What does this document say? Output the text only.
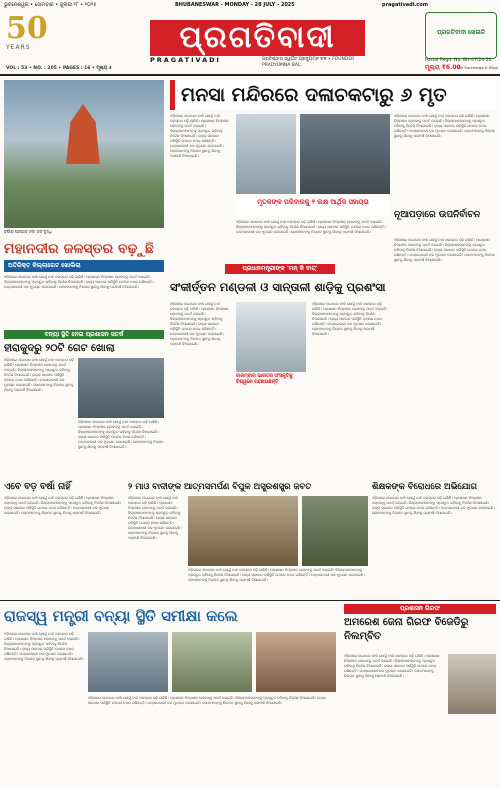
ଭୁବନେଶ୍ୱର • ସୋମବାର • ଜୁଲାଇ ୨୮ • ୨୦୨୫	BHUBANESWAR - MONDAY - 28 JULY - 2025	pragativadi.com
50
YEARS
VOL : 53 • NO. : 205 • PAGES : 16 • ମୂଲ୍ୟ ୫
ପ୍ରଗତିବାଦୀ
PRAGATIVADI	ପ୍ରତିଷ୍ଠାତା ସ୍ୱର୍ଗତ ପ୍ରଦ୍ୟୁମ୍ନ ବଳ • FOUNDER PRADYUMNA BAL
ପ୍ରଗତିବାଦୀ ଖେଳାଳି
Postal Regd. No. BH-47/24-26
ମୂଲ୍ୟ ₹6.00
Air Surcharge 0.50ps
ବର୍ଷାର ପ୍ରଭାବ ନଦୀ ଜଳ ବୃଦ୍ଧି
ମନସା ମନ୍ଦିରରେ ଦଳାଚକଟାରୁ ୬ ମୃତ
ଓଡ଼ିଶାରେ ଲଗାତାର ବର୍ଷା ଯୋଗୁଁ ନଦୀ ଜଳସ୍ତର ବଢ଼ି ଚାଲିଛି। ପ୍ରଶାସନ ନିମ୍ନାଞ୍ଚଳ ଲୋକଙ୍କୁ ସତର୍କ କରାଇଛି। ଜିଲ୍ଲାପାଳମାନଙ୍କୁ ପ୍ରସ୍ତୁତ ରହିବାକୁ ନିର୍ଦ୍ଦେଶ ଦିଆଯାଇଛି। ରାଜ୍ୟ ସରକାର ପରିସ୍ଥିତି ଉପରେ ନଜର ରଖିଛନ୍ତି। ଉଦ୍ଧାରକାରୀ ଦଳ ମୁତୟନ କରାଯାଇଛି। ଲୋକମାନଙ୍କୁ ନିରାପଦ ସ୍ଥାନକୁ ଯିବାକୁ ପରାମର୍ଶ ଦିଆଯାଇଛି।
ମୃତକଙ୍କ ପରିବାରକୁ ୨ ଲକ୍ଷ ଆର୍ଥିକ ସହାୟତା
ଓଡ଼ିଶାରେ ଲଗାତାର ବର୍ଷା ଯୋଗୁଁ ନଦୀ ଜଳସ୍ତର ବଢ଼ି ଚାଲିଛି। ପ୍ରଶାସନ ନିମ୍ନାଞ୍ଚଳ ଲୋକଙ୍କୁ ସତର୍କ କରାଇଛି। ଜିଲ୍ଲାପାଳମାନଙ୍କୁ ପ୍ରସ୍ତୁତ ରହିବାକୁ ନିର୍ଦ୍ଦେଶ ଦିଆଯାଇଛି। ରାଜ୍ୟ ସରକାର ପରିସ୍ଥିତି ଉପରେ ନଜର ରଖିଛନ୍ତି। ଉଦ୍ଧାରକାରୀ ଦଳ ମୁତୟନ କରାଯାଇଛି। ଲୋକମାନଙ୍କୁ ନିରାପଦ ସ୍ଥାନକୁ ଯିବାକୁ ପରାମର୍ଶ ଦିଆଯାଇଛି।
ଓଡ଼ିଶାରେ ଲଗାତାର ବର୍ଷା ଯୋଗୁଁ ନଦୀ ଜଳସ୍ତର ବଢ଼ି ଚାଲିଛି। ପ୍ରଶାସନ ନିମ୍ନାଞ୍ଚଳ ଲୋକଙ୍କୁ ସତର୍କ କରାଇଛି। ଜିଲ୍ଲାପାଳମାନଙ୍କୁ ପ୍ରସ୍ତୁତ ରହିବାକୁ ନିର୍ଦ୍ଦେଶ ଦିଆଯାଇଛି। ରାଜ୍ୟ ସରକାର ପରିସ୍ଥିତି ଉପରେ ନଜର ରଖିଛନ୍ତି। ଉଦ୍ଧାରକାରୀ ଦଳ ମୁତୟନ କରାଯାଇଛି। ଲୋକମାନଙ୍କୁ ନିରାପଦ ସ୍ଥାନକୁ ଯିବାକୁ ପରାମର୍ଶ ଦିଆଯାଇଛି।
ମହାନଦୀର ଜଳସ୍ତର ବଢ଼ୁଛି
ଅତିରିକ୍ତ କିଲ୍ଲାଗେଟ ଖୋଲିଲା
ଓଡ଼ିଶାରେ ଲଗାତାର ବର୍ଷା ଯୋଗୁଁ ନଦୀ ଜଳସ୍ତର ବଢ଼ି ଚାଲିଛି। ପ୍ରଶାସନ ନିମ୍ନାଞ୍ଚଳ ଲୋକଙ୍କୁ ସତର୍କ କରାଇଛି। ଜିଲ୍ଲାପାଳମାନଙ୍କୁ ପ୍ରସ୍ତୁତ ରହିବାକୁ ନିର୍ଦ୍ଦେଶ ଦିଆଯାଇଛି। ରାଜ୍ୟ ସରକାର ପରିସ୍ଥିତି ଉପରେ ନଜର ରଖିଛନ୍ତି। ଉଦ୍ଧାରକାରୀ ଦଳ ମୁତୟନ କରାଯାଇଛି। ଲୋକମାନଙ୍କୁ ନିରାପଦ ସ୍ଥାନକୁ ଯିବାକୁ ପରାମର୍ଶ ଦିଆଯାଇଛି।
ନୂଆପଡ଼ାରେ ଉପନିର୍ବାଚନ
ଓଡ଼ିଶାରେ ଲଗାତାର ବର୍ଷା ଯୋଗୁଁ ନଦୀ ଜଳସ୍ତର ବଢ଼ି ଚାଲିଛି। ପ୍ରଶାସନ ନିମ୍ନାଞ୍ଚଳ ଲୋକଙ୍କୁ ସତର୍କ କରାଇଛି। ଜିଲ୍ଲାପାଳମାନଙ୍କୁ ପ୍ରସ୍ତୁତ ରହିବାକୁ ନିର୍ଦ୍ଦେଶ ଦିଆଯାଇଛି। ରାଜ୍ୟ ସରକାର ପରିସ୍ଥିତି ଉପରେ ନଜର ରଖିଛନ୍ତି। ଉଦ୍ଧାରକାରୀ ଦଳ ମୁତୟନ କରାଯାଇଛି। ଲୋକମାନଙ୍କୁ ନିରାପଦ ସ୍ଥାନକୁ ଯିବାକୁ ପରାମର୍ଶ ଦିଆଯାଇଛି।
ପ୍ରଧାନମନ୍ତ୍ରୀଙ୍କ 'ମନ୍ କି ବାତ୍'
ସଂକୀର୍ତ୍ତନ ମଣ୍ଡଳୀ ଓ ସାନ୍ତାଳୀ ଶାଡ଼ିକୁ ପ୍ରଶଂସା
ଓଡ଼ିଶାରେ ଲଗାତାର ବର୍ଷା ଯୋଗୁଁ ନଦୀ ଜଳସ୍ତର ବଢ଼ି ଚାଲିଛି। ପ୍ରଶାସନ ନିମ୍ନାଞ୍ଚଳ ଲୋକଙ୍କୁ ସତର୍କ କରାଇଛି। ଜିଲ୍ଲାପାଳମାନଙ୍କୁ ପ୍ରସ୍ତୁତ ରହିବାକୁ ନିର୍ଦ୍ଦେଶ ଦିଆଯାଇଛି। ରାଜ୍ୟ ସରକାର ପରିସ୍ଥିତି ଉପରେ ନଜର ରଖିଛନ୍ତି। ଉଦ୍ଧାରକାରୀ ଦଳ ମୁତୟନ କରାଯାଇଛି। ଲୋକମାନଙ୍କୁ ନିରାପଦ ସ୍ଥାନକୁ ଯିବାକୁ ପରାମର୍ଶ ଦିଆଯାଇଛି।
ବାରମ୍ବାର ଭାରତର ସଂସ୍କୃତିକୁ ବିଶ୍ୱରେ ପହଞ୍ଚାଉଛନ୍ତି
ଓଡ଼ିଶାରେ ଲଗାତାର ବର୍ଷା ଯୋଗୁଁ ନଦୀ ଜଳସ୍ତର ବଢ଼ି ଚାଲିଛି। ପ୍ରଶାସନ ନିମ୍ନାଞ୍ଚଳ ଲୋକଙ୍କୁ ସତର୍କ କରାଇଛି। ଜିଲ୍ଲାପାଳମାନଙ୍କୁ ପ୍ରସ୍ତୁତ ରହିବାକୁ ନିର୍ଦ୍ଦେଶ ଦିଆଯାଇଛି। ରାଜ୍ୟ ସରକାର ପରିସ୍ଥିତି ଉପରେ ନଜର ରଖିଛନ୍ତି। ଉଦ୍ଧାରକାରୀ ଦଳ ମୁତୟନ କରାଯାଇଛି। ଲୋକମାନଙ୍କୁ ନିରାପଦ ସ୍ଥାନକୁ ଯିବାକୁ ପରାମର୍ଶ ଦିଆଯାଇଛି।
ବନ୍ୟା ସ୍ଥିତି ନେଇ ପ୍ରଶାସନ ସତର୍କ
ହୀରାକୁଦରୁ ୨୦ଟି ଗେଟ ଖୋଲା
ଓଡ଼ିଶାରେ ଲଗାତାର ବର୍ଷା ଯୋଗୁଁ ନଦୀ ଜଳସ୍ତର ବଢ଼ି ଚାଲିଛି। ପ୍ରଶାସନ ନିମ୍ନାଞ୍ଚଳ ଲୋକଙ୍କୁ ସତର୍କ କରାଇଛି। ଜିଲ୍ଲାପାଳମାନଙ୍କୁ ପ୍ରସ୍ତୁତ ରହିବାକୁ ନିର୍ଦ୍ଦେଶ ଦିଆଯାଇଛି। ରାଜ୍ୟ ସରକାର ପରିସ୍ଥିତି ଉପରେ ନଜର ରଖିଛନ୍ତି। ଉଦ୍ଧାରକାରୀ ଦଳ ମୁତୟନ କରାଯାଇଛି। ଲୋକମାନଙ୍କୁ ନିରାପଦ ସ୍ଥାନକୁ ଯିବାକୁ ପରାମର୍ଶ ଦିଆଯାଇଛି।
ଓଡ଼ିଶାରେ ଲଗାତାର ବର୍ଷା ଯୋଗୁଁ ନଦୀ ଜଳସ୍ତର ବଢ଼ି ଚାଲିଛି। ପ୍ରଶାସନ ନିମ୍ନାଞ୍ଚଳ ଲୋକଙ୍କୁ ସତର୍କ କରାଇଛି। ଜିଲ୍ଲାପାଳମାନଙ୍କୁ ପ୍ରସ୍ତୁତ ରହିବାକୁ ନିର୍ଦ୍ଦେଶ ଦିଆଯାଇଛି। ରାଜ୍ୟ ସରକାର ପରିସ୍ଥିତି ଉପରେ ନଜର ରଖିଛନ୍ତି। ଉଦ୍ଧାରକାରୀ ଦଳ ମୁତୟନ କରାଯାଇଛି। ଲୋକମାନଙ୍କୁ ନିରାପଦ ସ୍ଥାନକୁ ଯିବାକୁ ପରାମର୍ଶ ଦିଆଯାଇଛି।
ଏବେ ବଡ଼ ବର୍ଷା ନାହିଁ
ଓଡ଼ିଶାରେ ଲଗାତାର ବର୍ଷା ଯୋଗୁଁ ନଦୀ ଜଳସ୍ତର ବଢ଼ି ଚାଲିଛି। ପ୍ରଶାସନ ନିମ୍ନାଞ୍ଚଳ ଲୋକଙ୍କୁ ସତର୍କ କରାଇଛି। ଜିଲ୍ଲାପାଳମାନଙ୍କୁ ପ୍ରସ୍ତୁତ ରହିବାକୁ ନିର୍ଦ୍ଦେଶ ଦିଆଯାଇଛି। ରାଜ୍ୟ ସରକାର ପରିସ୍ଥିତି ଉପରେ ନଜର ରଖିଛନ୍ତି। ଉଦ୍ଧାରକାରୀ ଦଳ ମୁତୟନ କରାଯାଇଛି। ଲୋକମାନଙ୍କୁ ନିରାପଦ ସ୍ଥାନକୁ ଯିବାକୁ ପରାମର୍ଶ ଦିଆଯାଇଛି।
୨ ମାଓ ବାଦୀଙ୍କ ଆତ୍ମସମର୍ପଣ ବିପୁଳ ଅସ୍ତ୍ରଶସ୍ତ୍ର ଜବତ
ଓଡ଼ିଶାରେ ଲଗାତାର ବର୍ଷା ଯୋଗୁଁ ନଦୀ ଜଳସ୍ତର ବଢ଼ି ଚାଲିଛି। ପ୍ରଶାସନ ନିମ୍ନାଞ୍ଚଳ ଲୋକଙ୍କୁ ସତର୍କ କରାଇଛି। ଜିଲ୍ଲାପାଳମାନଙ୍କୁ ପ୍ରସ୍ତୁତ ରହିବାକୁ ନିର୍ଦ୍ଦେଶ ଦିଆଯାଇଛି। ରାଜ୍ୟ ସରକାର ପରିସ୍ଥିତି ଉପରେ ନଜର ରଖିଛନ୍ତି। ଉଦ୍ଧାରକାରୀ ଦଳ ମୁତୟନ କରାଯାଇଛି। ଲୋକମାନଙ୍କୁ ନିରାପଦ ସ୍ଥାନକୁ ଯିବାକୁ ପରାମର୍ଶ ଦିଆଯାଇଛି।
ଓଡ଼ିଶାରେ ଲଗାତାର ବର୍ଷା ଯୋଗୁଁ ନଦୀ ଜଳସ୍ତର ବଢ଼ି ଚାଲିଛି। ପ୍ରଶାସନ ନିମ୍ନାଞ୍ଚଳ ଲୋକଙ୍କୁ ସତର୍କ କରାଇଛି। ଜିଲ୍ଲାପାଳମାନଙ୍କୁ ପ୍ରସ୍ତୁତ ରହିବାକୁ ନିର୍ଦ୍ଦେଶ ଦିଆଯାଇଛି। ରାଜ୍ୟ ସରକାର ପରିସ୍ଥିତି ଉପରେ ନଜର ରଖିଛନ୍ତି। ଉଦ୍ଧାରକାରୀ ଦଳ ମୁତୟନ କରାଯାଇଛି। ଲୋକମାନଙ୍କୁ ନିରାପଦ ସ୍ଥାନକୁ ଯିବାକୁ ପରାମର୍ଶ ଦିଆଯାଇଛି।
ଶିକ୍ଷକଙ୍କ ବିରୋଧରେ ଅଭିଯୋଗ
ଓଡ଼ିଶାରେ ଲଗାତାର ବର୍ଷା ଯୋଗୁଁ ନଦୀ ଜଳସ୍ତର ବଢ଼ି ଚାଲିଛି। ପ୍ରଶାସନ ନିମ୍ନାଞ୍ଚଳ ଲୋକଙ୍କୁ ସତର୍କ କରାଇଛି। ଜିଲ୍ଲାପାଳମାନଙ୍କୁ ପ୍ରସ୍ତୁତ ରହିବାକୁ ନିର୍ଦ୍ଦେଶ ଦିଆଯାଇଛି। ରାଜ୍ୟ ସରକାର ପରିସ୍ଥିତି ଉପରେ ନଜର ରଖିଛନ୍ତି। ଉଦ୍ଧାରକାରୀ ଦଳ ମୁତୟନ କରାଯାଇଛି। ଲୋକମାନଙ୍କୁ ନିରାପଦ ସ୍ଥାନକୁ ଯିବାକୁ ପରାମର୍ଶ ଦିଆଯାଇଛି।
ରାଜସ୍ୱ ମନ୍ତ୍ରୀ ବନ୍ୟା ସ୍ଥିତି ସମୀକ୍ଷା କଲେ
ଓଡ଼ିଶାରେ ଲଗାତାର ବର୍ଷା ଯୋଗୁଁ ନଦୀ ଜଳସ୍ତର ବଢ଼ି ଚାଲିଛି। ପ୍ରଶାସନ ନିମ୍ନାଞ୍ଚଳ ଲୋକଙ୍କୁ ସତର୍କ କରାଇଛି। ଜିଲ୍ଲାପାଳମାନଙ୍କୁ ପ୍ରସ୍ତୁତ ରହିବାକୁ ନିର୍ଦ୍ଦେଶ ଦିଆଯାଇଛି। ରାଜ୍ୟ ସରକାର ପରିସ୍ଥିତି ଉପରେ ନଜର ରଖିଛନ୍ତି। ଉଦ୍ଧାରକାରୀ ଦଳ ମୁତୟନ କରାଯାଇଛି। ଲୋକମାନଙ୍କୁ ନିରାପଦ ସ୍ଥାନକୁ ଯିବାକୁ ପରାମର୍ଶ ଦିଆଯାଇଛି।
ଓଡ଼ିଶାରେ ଲଗାତାର ବର୍ଷା ଯୋଗୁଁ ନଦୀ ଜଳସ୍ତର ବଢ଼ି ଚାଲିଛି। ପ୍ରଶାସନ ନିମ୍ନାଞ୍ଚଳ ଲୋକଙ୍କୁ ସତର୍କ କରାଇଛି। ଜିଲ୍ଲାପାଳମାନଙ୍କୁ ପ୍ରସ୍ତୁତ ରହିବାକୁ ନିର୍ଦ୍ଦେଶ ଦିଆଯାଇଛି। ରାଜ୍ୟ ସରକାର ପରିସ୍ଥିତି ଉପରେ ନଜର ରଖିଛନ୍ତି। ଉଦ୍ଧାରକାରୀ ଦଳ ମୁତୟନ କରାଯାଇଛି। ଲୋକମାନଙ୍କୁ ନିରାପଦ ସ୍ଥାନକୁ ଯିବାକୁ ପରାମର୍ଶ ଦିଆଯାଇଛି।
ପ୍ରଶାସନ ଗିରଫ
ଅମରେଶ ଜେନା ଗିରଫ ବିଜେଡିରୁ ନିଲମ୍ବିତ
ଓଡ଼ିଶାରେ ଲଗାତାର ବର୍ଷା ଯୋଗୁଁ ନଦୀ ଜଳସ୍ତର ବଢ଼ି ଚାଲିଛି। ପ୍ରଶାସନ ନିମ୍ନାଞ୍ଚଳ ଲୋକଙ୍କୁ ସତର୍କ କରାଇଛି। ଜିଲ୍ଲାପାଳମାନଙ୍କୁ ପ୍ରସ୍ତୁତ ରହିବାକୁ ନିର୍ଦ୍ଦେଶ ଦିଆଯାଇଛି। ରାଜ୍ୟ ସରକାର ପରିସ୍ଥିତି ଉପରେ ନଜର ରଖିଛନ୍ତି। ଉଦ୍ଧାରକାରୀ ଦଳ ମୁତୟନ କରାଯାଇଛି। ଲୋକମାନଙ୍କୁ ନିରାପଦ ସ୍ଥାନକୁ ଯିବାକୁ ପରାମର୍ଶ ଦିଆଯାଇଛି।
